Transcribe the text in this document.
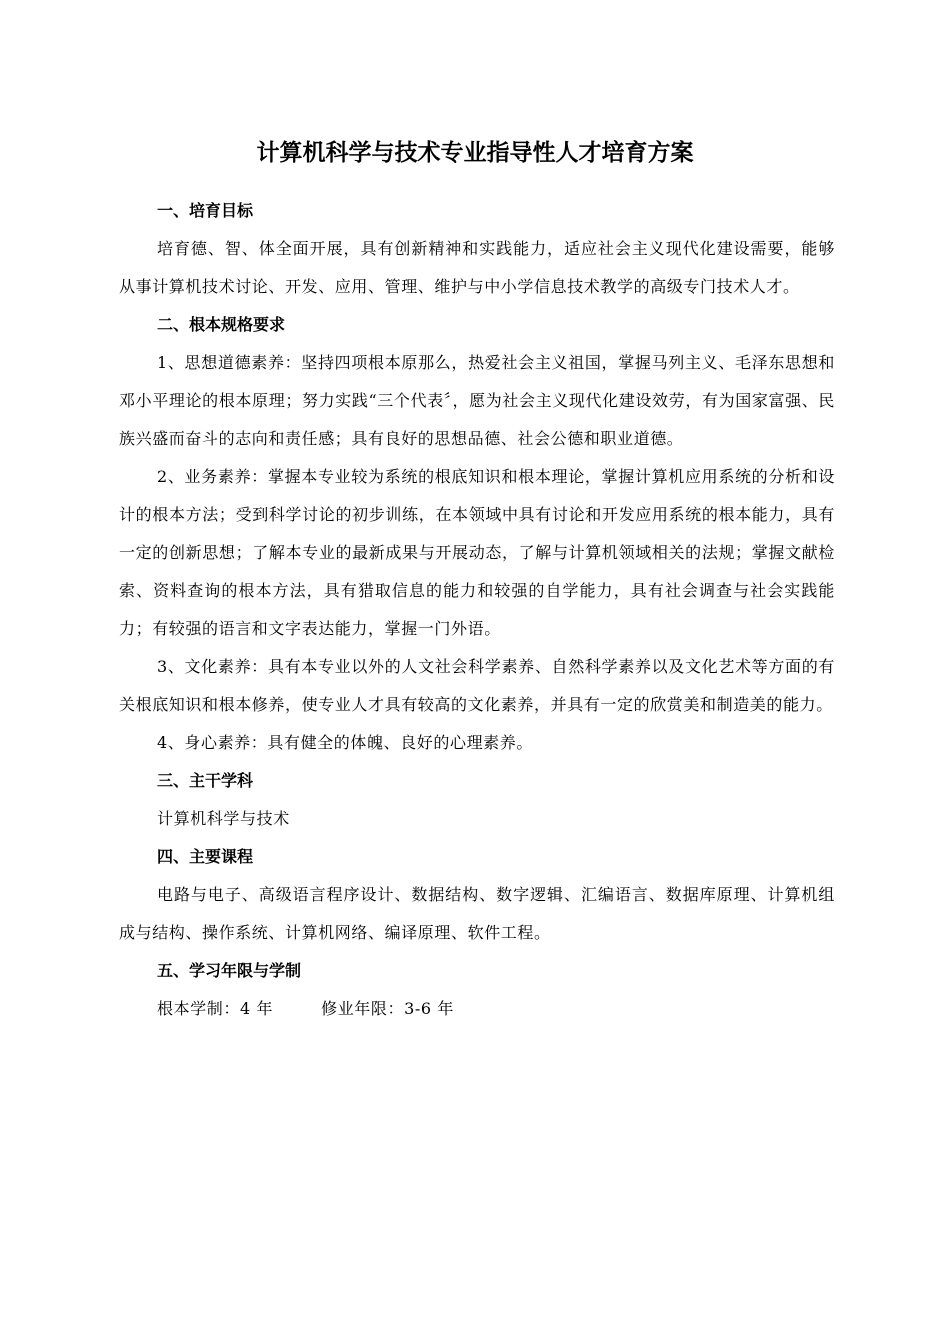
计算机科学与技术专业指导性人才培育方案

一、培育目标

培育德、智、体全面开展，具有创新精神和实践能力，适应社会主义现代化建设需要，能够从事计算机技术讨论、开发、应用、管理、维护与中小学信息技术教学的高级专门技术人才。

二、根本规格要求

1、思想道德素养：坚持四项根本原那么，热爱社会主义祖国，掌握马列主义、毛泽东思想和邓小平理论的根本原理；努力实践“三个代表〞，愿为社会主义现代化建设效劳，有为国家富强、民族兴盛而奋斗的志向和责任感；具有良好的思想品德、社会公德和职业道德。

2、业务素养：掌握本专业较为系统的根底知识和根本理论，掌握计算机应用系统的分析和设计的根本方法；受到科学讨论的初步训练，在本领域中具有讨论和开发应用系统的根本能力，具有一定的创新思想；了解本专业的最新成果与开展动态，了解与计算机领域相关的法规；掌握文献检索、资料查询的根本方法，具有猎取信息的能力和较强的自学能力，具有社会调查与社会实践能力；有较强的语言和文字表达能力，掌握一门外语。

3、文化素养：具有本专业以外的人文社会科学素养、自然科学素养以及文化艺术等方面的有关根底知识和根本修养，使专业人才具有较高的文化素养，并具有一定的欣赏美和制造美的能力。

4、身心素养：具有健全的体魄、良好的心理素养。

三、主干学科

计算机科学与技术

四、主要课程

电路与电子、高级语言程序设计、数据结构、数字逻辑、汇编语言、数据库原理、计算机组成与结构、操作系统、计算机网络、编译原理、软件工程。

五、学习年限与学制

根本学制：4 年	修业年限：3-6 年
